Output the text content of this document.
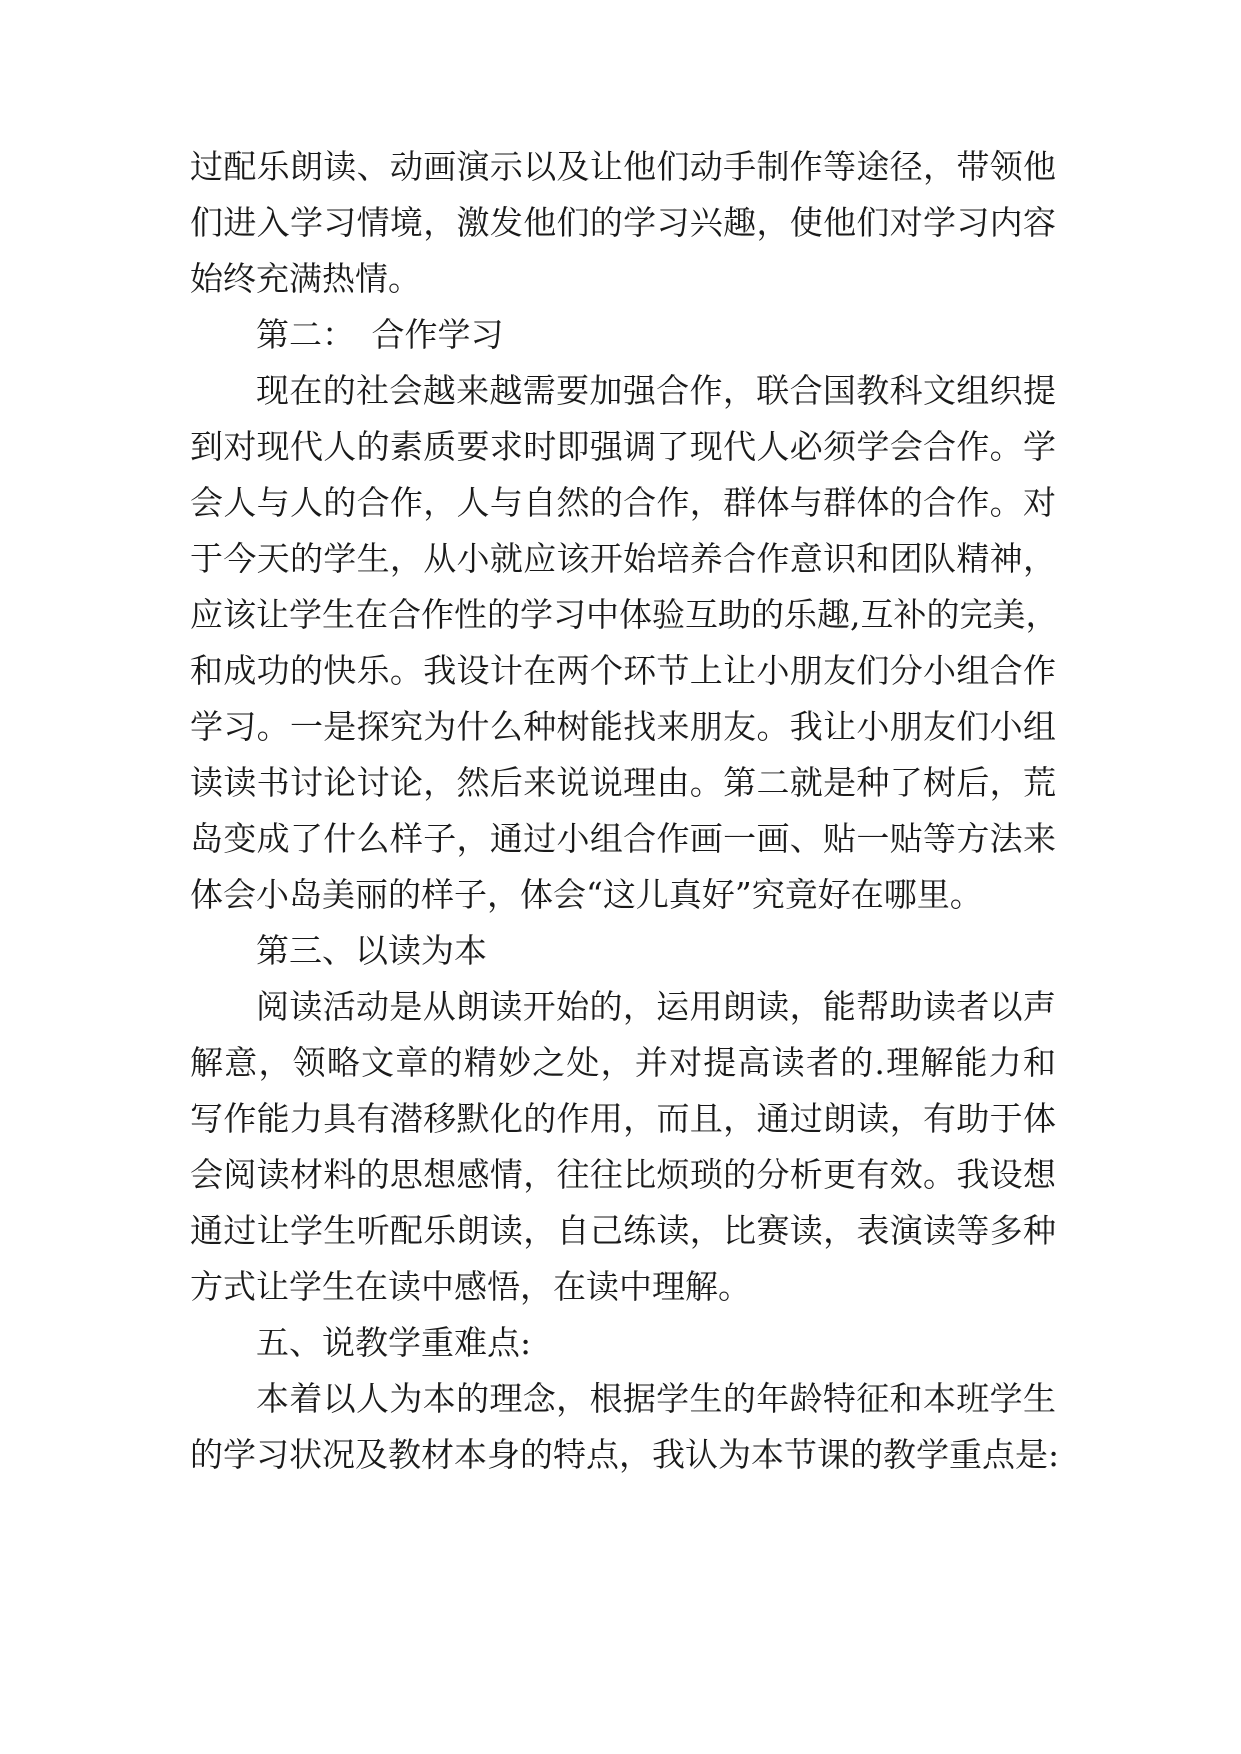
过配乐朗读、动画演示以及让他们动手制作等途径，带领他

们进入学习情境，激发他们的学习兴趣，使他们对学习内容

始终充满热情。

第二：　合作学习

现在的社会越来越需要加强合作，联合国教科文组织提

到对现代人的素质要求时即强调了现代人必须学会合作。学

会人与人的合作，人与自然的合作，群体与群体的合作。对

于今天的学生，从小就应该开始培养合作意识和团队精神，

应该让学生在合作性的学习中体验互助的乐趣,互补的完美，

和成功的快乐。我设计在两个环节上让小朋友们分小组合作

学习。一是探究为什么种树能找来朋友。我让小朋友们小组

读读书讨论讨论，然后来说说理由。第二就是种了树后，荒

岛变成了什么样子，通过小组合作画一画、贴一贴等方法来

体会小岛美丽的样子，体会“这儿真好”究竟好在哪里。

第三、以读为本

阅读活动是从朗读开始的，运用朗读，能帮助读者以声

解意，领略文章的精妙之处，并对提高读者的.理解能力和

写作能力具有潜移默化的作用，而且，通过朗读，有助于体

会阅读材料的思想感情，往往比烦琐的分析更有效。我设想

通过让学生听配乐朗读，自己练读，比赛读，表演读等多种

方式让学生在读中感悟，在读中理解。

五、说教学重难点:

本着以人为本的理念，根据学生的年龄特征和本班学生

的学习状况及教材本身的特点，我认为本节课的教学重点是:
